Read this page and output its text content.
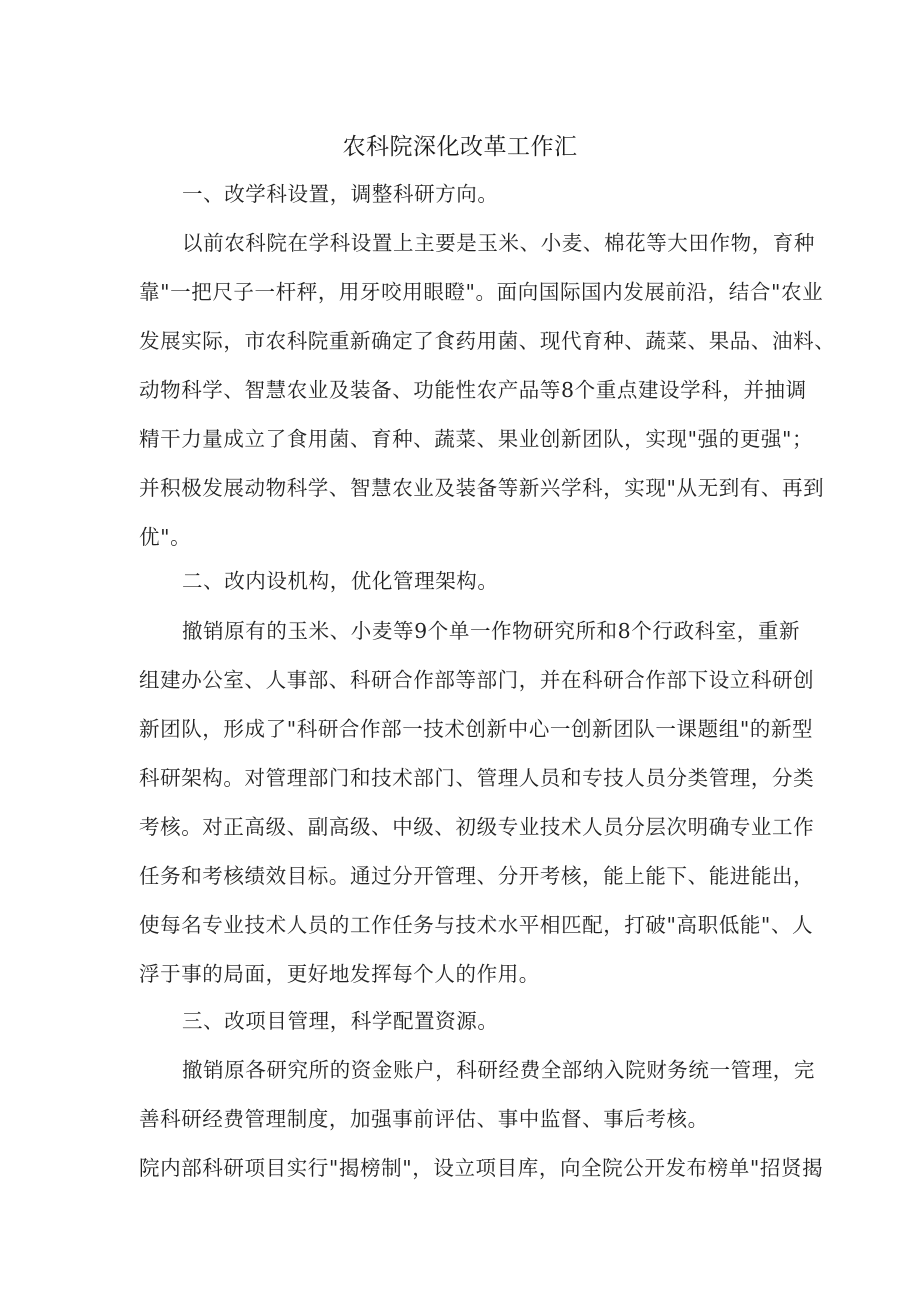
农科院深化改革工作汇
一、改学科设置，调整科研方向。
以前农科院在学科设置上主要是玉米、小麦、棉花等大田作物，育种
靠"一把尺子一杆秤，用牙咬用眼瞪"。面向国际国内发展前沿，结合"农业
发展实际，市农科院重新确定了食药用菌、现代育种、蔬菜、果品、油料、
动物科学、智慧农业及装备、功能性农产品等8个重点建设学科，并抽调
精干力量成立了食用菌、育种、蔬菜、果业创新团队，实现"强的更强"；
并积极发展动物科学、智慧农业及装备等新兴学科，实现"从无到有、再到
优"。
二、改内设机构，优化管理架构。
撤销原有的玉米、小麦等9个单一作物研究所和8个行政科室，重新
组建办公室、人事部、科研合作部等部门，并在科研合作部下设立科研创
新团队，形成了"科研合作部一技术创新中心一创新团队一课题组"的新型
科研架构。对管理部门和技术部门、管理人员和专技人员分类管理，分类
考核。对正高级、副高级、中级、初级专业技术人员分层次明确专业工作
任务和考核绩效目标。通过分开管理、分开考核，能上能下、能进能出，
使每名专业技术人员的工作任务与技术水平相匹配，打破"高职低能"、人
浮于事的局面，更好地发挥每个人的作用。
三、改项目管理，科学配置资源。
撤销原各研究所的资金账户，科研经费全部纳入院财务统一管理，完
善科研经费管理制度，加强事前评估、事中监督、事后考核。
院内部科研项目实行"揭榜制"，设立项目库，向全院公开发布榜单"招贤揭
